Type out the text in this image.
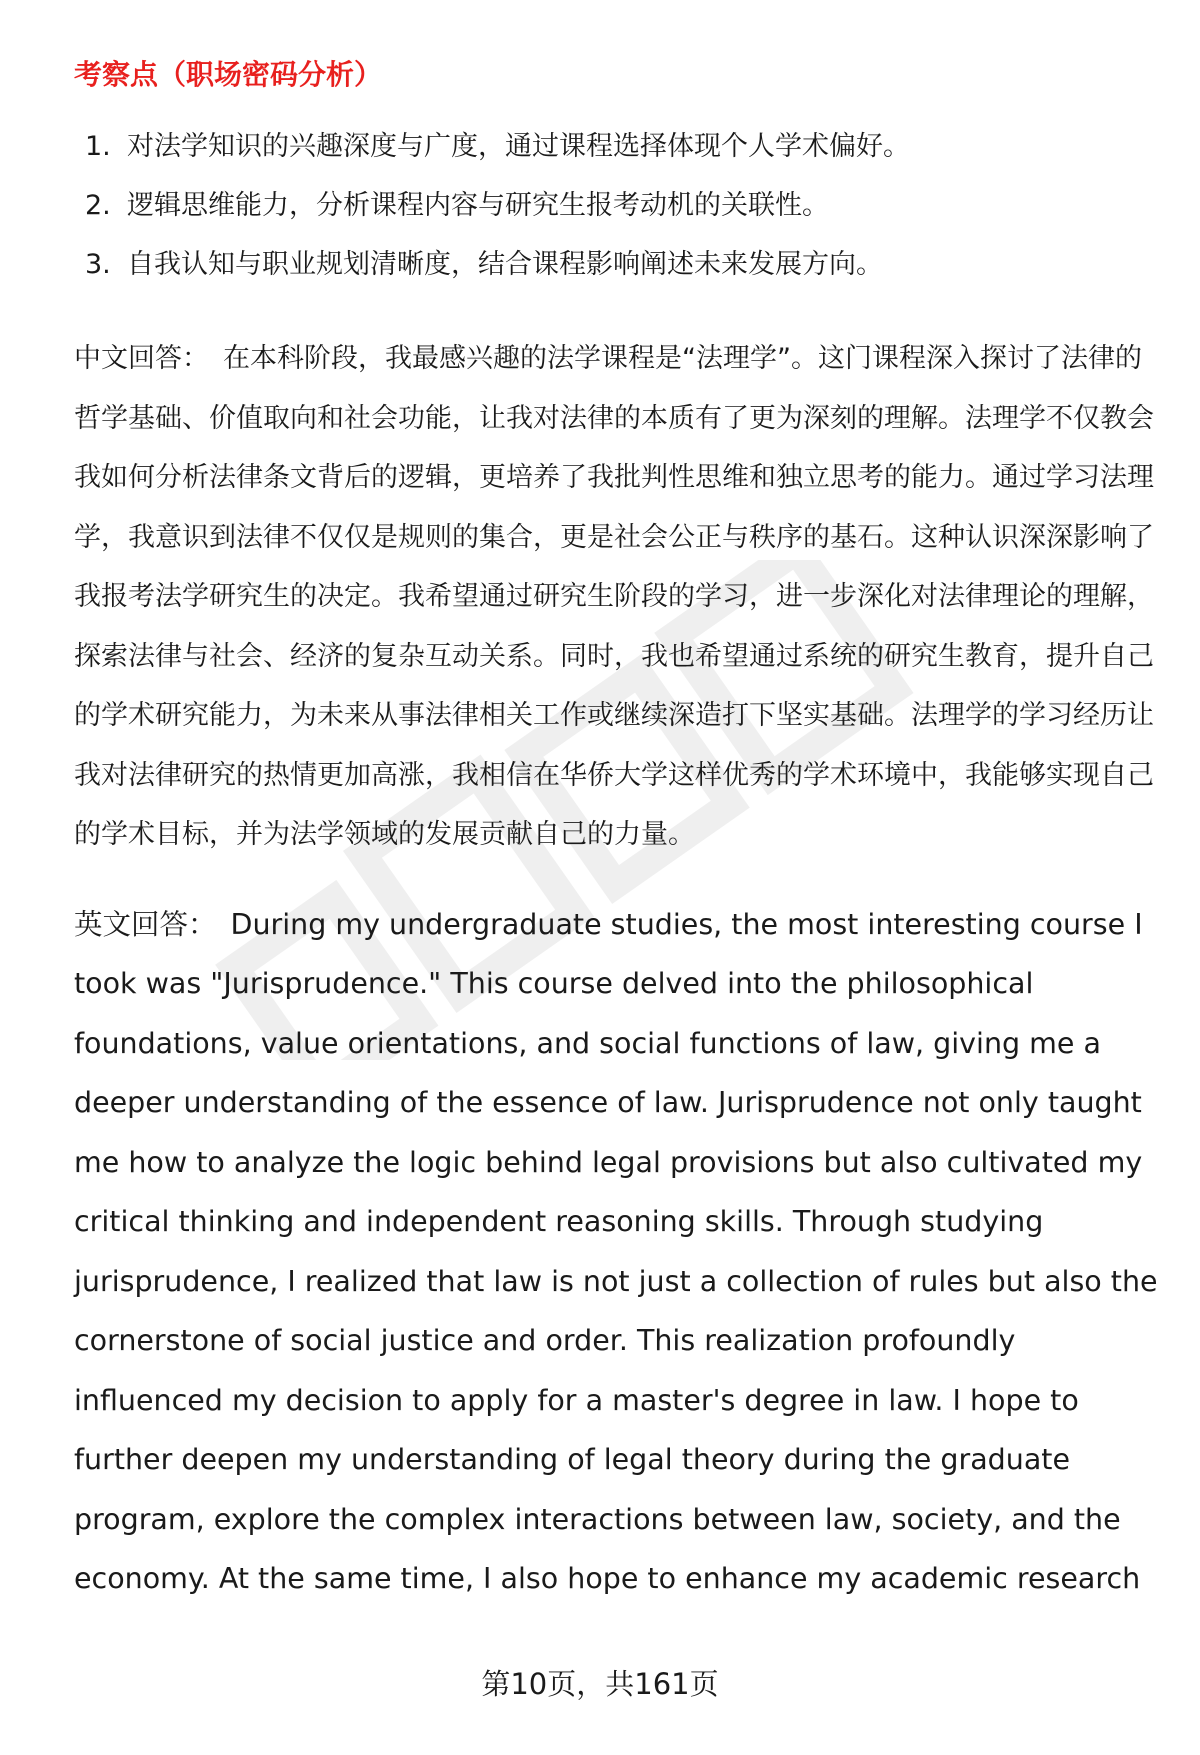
考察点（职场密码分析）
1. 对法学知识的兴趣深度与广度，通过课程选择体现个人学术偏好。
2. 逻辑思维能力，分析课程内容与研究生报考动机的关联性。
3. 自我认知与职业规划清晰度，结合课程影响阐述未来发展方向。

中文回答： 在本科阶段，我最感兴趣的法学课程是“法理学”。这门课程深入探讨了法律的哲学基础、价值取向和社会功能，让我对法律的本质有了更为深刻的理解。法理学不仅教会我如何分析法律条文背后的逻辑，更培养了我批判性思维和独立思考的能力。通过学习法理学，我意识到法律不仅仅是规则的集合，更是社会公正与秩序的基石。这种认识深深影响了我报考法学研究生的决定。我希望通过研究生阶段的学习，进一步深化对法律理论的理解，探索法律与社会、经济的复杂互动关系。同时，我也希望通过系统的研究生教育，提升自己的学术研究能力，为未来从事法律相关工作或继续深造打下坚实基础。法理学的学习经历让我对法律研究的热情更加高涨，我相信在华侨大学这样优秀的学术环境中，我能够实现自己的学术目标，并为法学领域的发展贡献自己的力量。

英文回答： During my undergraduate studies, the most interesting course I took was "Jurisprudence." This course delved into the philosophical foundations, value orientations, and social functions of law, giving me a deeper understanding of the essence of law. Jurisprudence not only taught me how to analyze the logic behind legal provisions but also cultivated my critical thinking and independent reasoning skills. Through studying jurisprudence, I realized that law is not just a collection of rules but also the cornerstone of social justice and order. This realization profoundly influenced my decision to apply for a master's degree in law. I hope to further deepen my understanding of legal theory during the graduate program, explore the complex interactions between law, society, and the economy. At the same time, I also hope to enhance my academic research

第10页，共161页
